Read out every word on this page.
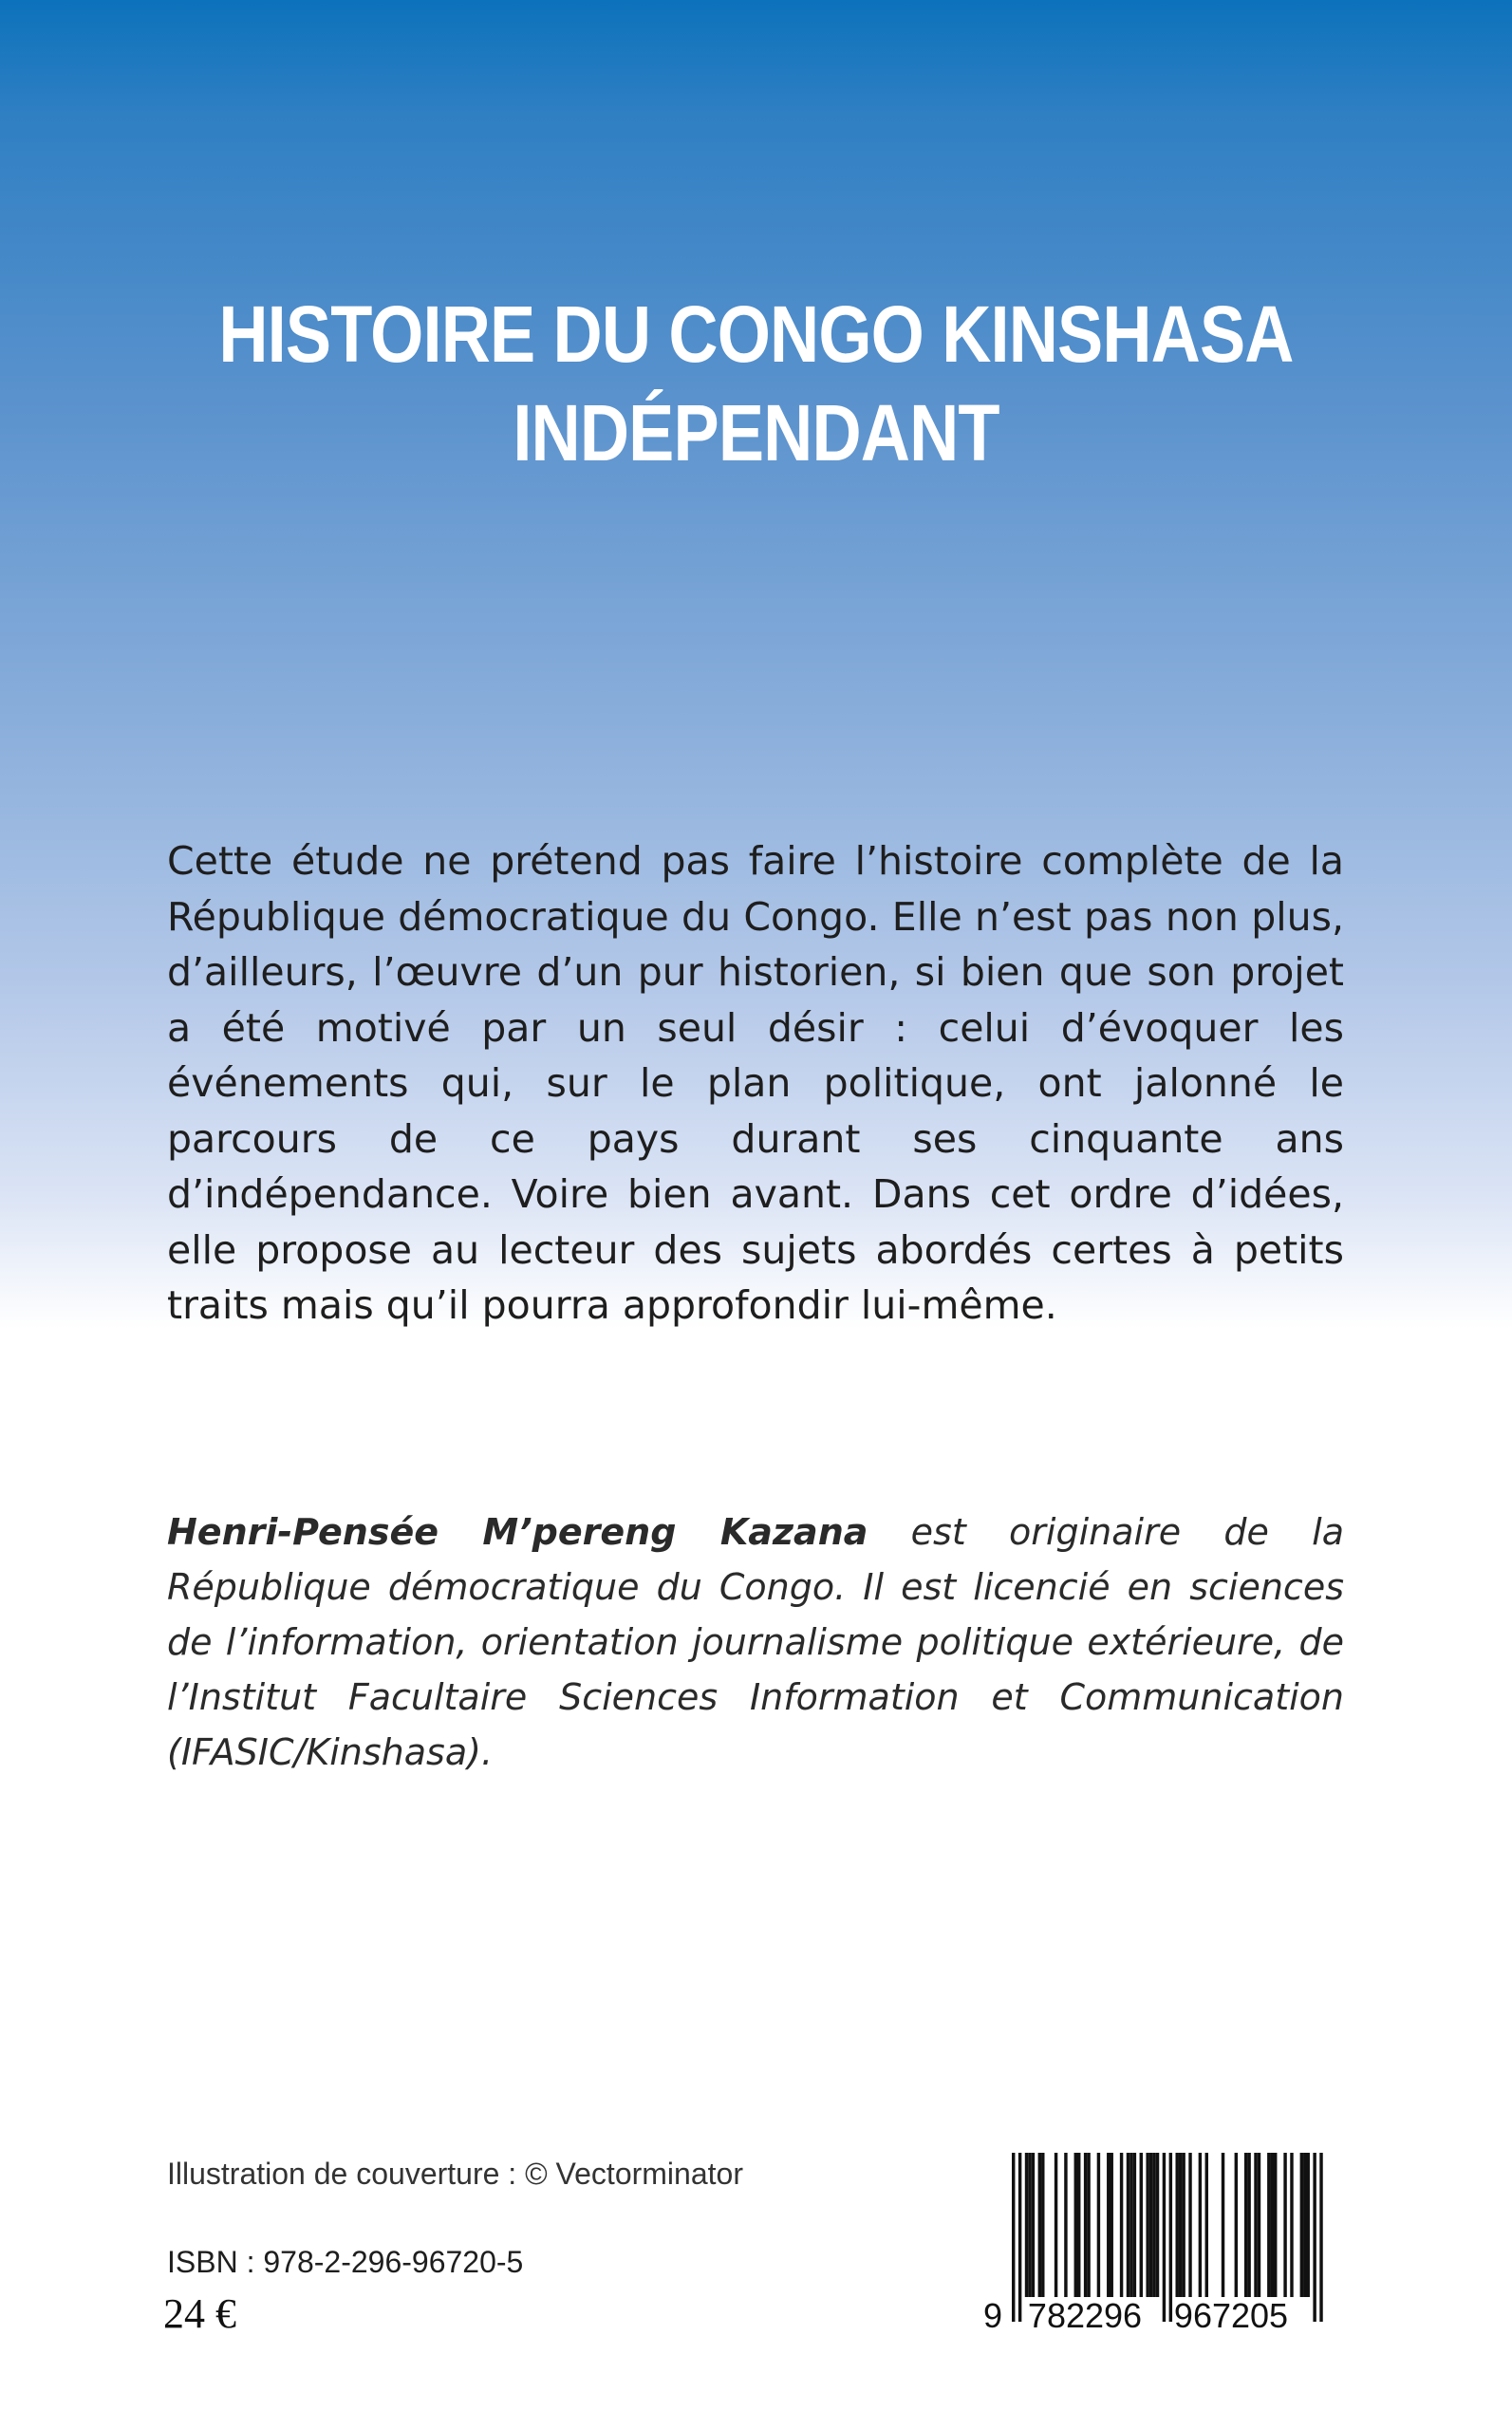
HISTOIRE DU CONGO KINSHASA
INDÉPENDANT

Cette étude ne prétend pas faire l’histoire complète de la République démocratique du Congo. Elle n’est pas non plus, d’ailleurs, l’œuvre d’un pur historien, si bien que son projet a été motivé par un seul désir : celui d’évoquer les événements qui, sur le plan politique, ont jalonné le parcours de ce pays durant ses cinquante ans d’indépendance. Voire bien avant. Dans cet ordre d’idées, elle propose au lecteur des sujets abordés certes à petits traits mais qu’il pourra approfondir lui-même.

Henri-Pensée M’pereng Kazana est originaire de la République démocratique du Congo. Il est licencié en sciences de l’information, orientation journalisme politique extérieure, de l’Institut Facultaire Sciences Information et Communication (IFASIC/Kinshasa).

Illustration de couverture : © Vectorminator
ISBN : 978-2-296-96720-5
24 €	9 782296 967205
